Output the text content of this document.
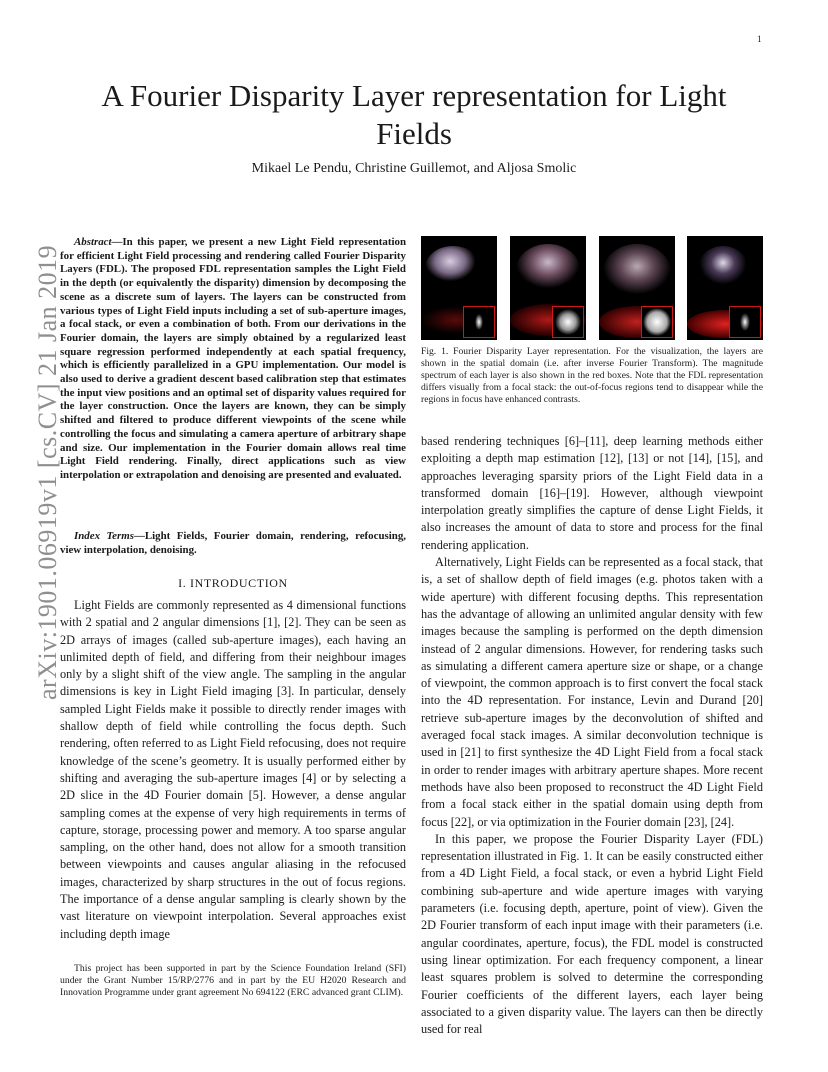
1
arXiv:1901.06919v1 [cs.CV] 21 Jan 2019
A Fourier Disparity Layer representation for Light Fields
Mikael Le Pendu, Christine Guillemot, and Aljosa Smolic
Abstract—In this paper, we present a new Light Field representation for efficient Light Field processing and rendering called Fourier Disparity Layers (FDL). The proposed FDL representation samples the Light Field in the depth (or equivalently the disparity) dimension by decomposing the scene as a discrete sum of layers. The layers can be constructed from various types of Light Field inputs including a set of sub-aperture images, a focal stack, or even a combination of both. From our derivations in the Fourier domain, the layers are simply obtained by a regularized least square regression performed independently at each spatial frequency, which is efficiently parallelized in a GPU implementation. Our model is also used to derive a gradient descent based calibration step that estimates the input view positions and an optimal set of disparity values required for the layer construction. Once the layers are known, they can be simply shifted and filtered to produce different viewpoints of the scene while controlling the focus and simulating a camera aperture of arbitrary shape and size. Our implementation in the Fourier domain allows real time Light Field rendering. Finally, direct applications such as view interpolation or extrapolation and denoising are presented and evaluated.
Index Terms—Light Fields, Fourier domain, rendering, refocusing, view interpolation, denoising.
I. INTRODUCTION
Light Fields are commonly represented as 4 dimensional functions with 2 spatial and 2 angular dimensions [1], [2]. They can be seen as 2D arrays of images (called sub-aperture images), each having an unlimited depth of field, and differing from their neighbour images only by a slight shift of the view angle. The sampling in the angular dimensions is key in Light Field imaging [3]. In particular, densely sampled Light Fields make it possible to directly render images with shallow depth of field while controlling the focus depth. Such rendering, often referred to as Light Field refocusing, does not require knowledge of the scene’s geometry. It is usually performed either by shifting and averaging the sub-aperture images [4] or by selecting a 2D slice in the 4D Fourier domain [5]. However, a dense angular sampling comes at the expense of very high requirements in terms of capture, storage, processing power and memory. A too sparse angular sampling, on the other hand, does not allow for a smooth transition between viewpoints and causes angular aliasing in the refocused images, characterized by sharp structures in the out of focus regions. The importance of a dense angular sampling is clearly shown by the vast literature on viewpoint interpolation. Several approaches exist including depth image
This project has been supported in part by the Science Foundation Ireland (SFI) under the Grant Number 15/RP/2776 and in part by the EU H2020 Research and Innovation Programme under grant agreement No 694122 (ERC advanced grant CLIM).
Fig. 1. Fourier Disparity Layer representation. For the visualization, the layers are shown in the spatial domain (i.e. after inverse Fourier Transform). The magnitude spectrum of each layer is also shown in the red boxes. Note that the FDL representation differs visually from a focal stack: the out-of-focus regions tend to disappear while the regions in focus have enhanced contrasts.

based rendering techniques [6]–[11], deep learning methods either exploiting a depth map estimation [12], [13] or not [14], [15], and approaches leveraging sparsity priors of the Light Field data in a transformed domain [16]–[19]. However, although viewpoint interpolation greatly simplifies the capture of dense Light Fields, it also increases the amount of data to store and process for the final rendering application.

Alternatively, Light Fields can be represented as a focal stack, that is, a set of shallow depth of field images (e.g. photos taken with a wide aperture) with different focusing depths. This representation has the advantage of allowing an unlimited angular density with few images because the sampling is performed on the depth dimension instead of 2 angular dimensions. However, for rendering tasks such as simulating a different camera aperture size or shape, or a change of viewpoint, the common approach is to first convert the focal stack into the 4D representation. For instance, Levin and Durand [20] retrieve sub-aperture images by the deconvolution of shifted and averaged focal stack images. A similar deconvolution technique is used in [21] to first synthesize the 4D Light Field from a focal stack in order to render images with arbitrary aperture shapes. More recent methods have also been proposed to reconstruct the 4D Light Field from a focal stack either in the spatial domain using depth from focus [22], or via optimization in the Fourier domain [23], [24].

In this paper, we propose the Fourier Disparity Layer (FDL) representation illustrated in Fig. 1. It can be easily constructed either from a 4D Light Field, a focal stack, or even a hybrid Light Field combining sub-aperture and wide aperture images with varying parameters (i.e. focusing depth, aperture, point of view). Given the 2D Fourier transform of each input image with their parameters (i.e. angular coordinates, aperture, focus), the FDL model is constructed using linear optimization. For each frequency component, a linear least squares problem is solved to determine the corresponding Fourier coefficients of the different layers, each layer being associated to a given disparity value. The layers can then be directly used for real
